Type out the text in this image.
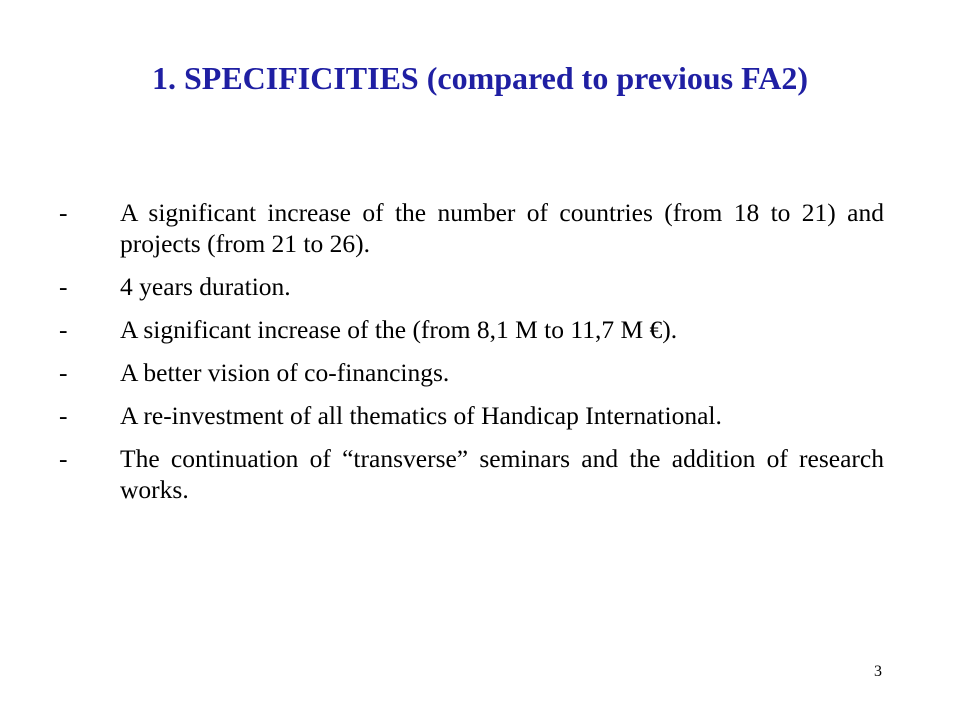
1. SPECIFICITIES (compared to previous FA2)
-	A significant increase of the number of countries (from 18 to 21) and projects (from 21 to 26).
-	4 years duration.
-	A significant increase of the (from 8,1 M to 11,7 M €).
-	A better vision of co-financings.
-	A re-investment of all thematics of Handicap International.
-	The continuation of “transverse” seminars and the addition of research works.
3
